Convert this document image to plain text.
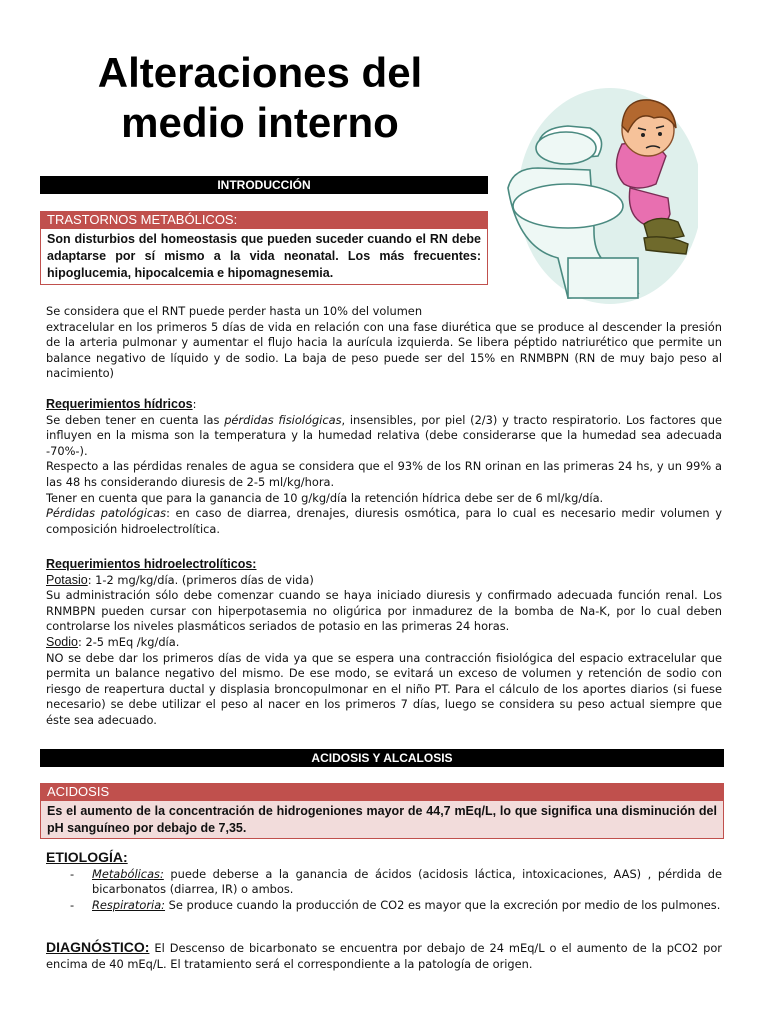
Alteraciones del medio interno
INTRODUCCIÓN
TRASTORNOS METABÓLICOS:
Son disturbios del homeostasis que pueden suceder cuando el RN debe adaptarse por sí mismo a la vida neonatal. Los más frecuentes: hipoglucemia, hipocalcemia e hipomagnesemia.

Se considera que el RNT puede perder hasta un 10% del volumen

extracelular en los primeros 5 días de vida en relación con una fase diurética que se produce al descender la presión de la arteria pulmonar y aumentar el flujo hacia la aurícula izquierda. Se libera péptido natriurético que permite un balance negativo de líquido y de sodio. La baja de peso puede ser del 15% en RNMBPN (RN de muy bajo peso al nacimiento)

Requerimientos hídricos:

Se deben tener en cuenta las pérdidas fisiológicas, insensibles, por piel (2/3) y tracto respiratorio. Los factores que influyen en la misma son la temperatura y la humedad relativa (debe considerarse que la humedad sea adecuada -70%-).

Respecto a las pérdidas renales de agua se considera que el 93% de los RN orinan en las primeras 24 hs, y un 99% a las 48 hs considerando diuresis de 2-5 ml/kg/hora.

Tener en cuenta que para la ganancia de 10 g/kg/día la retención hídrica debe ser de 6 ml/kg/día.

Pérdidas patológicas: en caso de diarrea, drenajes, diuresis osmótica, para lo cual es necesario medir volumen y composición hidroelectrolítica.

Requerimientos hidroelectrolíticos:

Potasio: 1-2 mg/kg/día. (primeros días de vida)

Su administración sólo debe comenzar cuando se haya iniciado diuresis y confirmado adecuada función renal. Los RNMBPN pueden cursar con hiperpotasemia no oligúrica por inmadurez de la bomba de Na-K, por lo cual deben controlarse los niveles plasmáticos seriados de potasio en las primeras 24 horas.

Sodio: 2-5 mEq /kg/día.

NO se debe dar los primeros días de vida ya que se espera una contracción fisiológica del espacio extracelular que permita un balance negativo del mismo. De ese modo, se evitará un exceso de volumen y retención de sodio con riesgo de reapertura ductal y displasia broncopulmonar en el niño PT. Para el cálculo de los aportes diarios (si fuese necesario) se debe utilizar el peso al nacer en los primeros 7 días, luego se considera su peso actual siempre que éste sea adecuado.

ACIDOSIS Y ALCALOSIS
ACIDOSIS
Es el aumento de la concentración de hidrogeniones mayor de 44,7 mEq/L, lo que significa una disminución del pH sanguíneo por debajo de 7,35.

ETIOLOGÍA:

- Metabólicas: puede deberse a la ganancia de ácidos (acidosis láctica, intoxicaciones, AAS) , pérdida de bicarbonatos (diarrea, IR) o ambos.
- Respiratoria: Se produce cuando la producción de CO2 es mayor que la excreción por medio de los pulmones.

DIAGNÓSTICO: El Descenso de bicarbonato se encuentra por debajo de 24 mEq/L o el aumento de la pCO2 por encima de 40 mEq/L. El tratamiento será el correspondiente a la patología de origen.
